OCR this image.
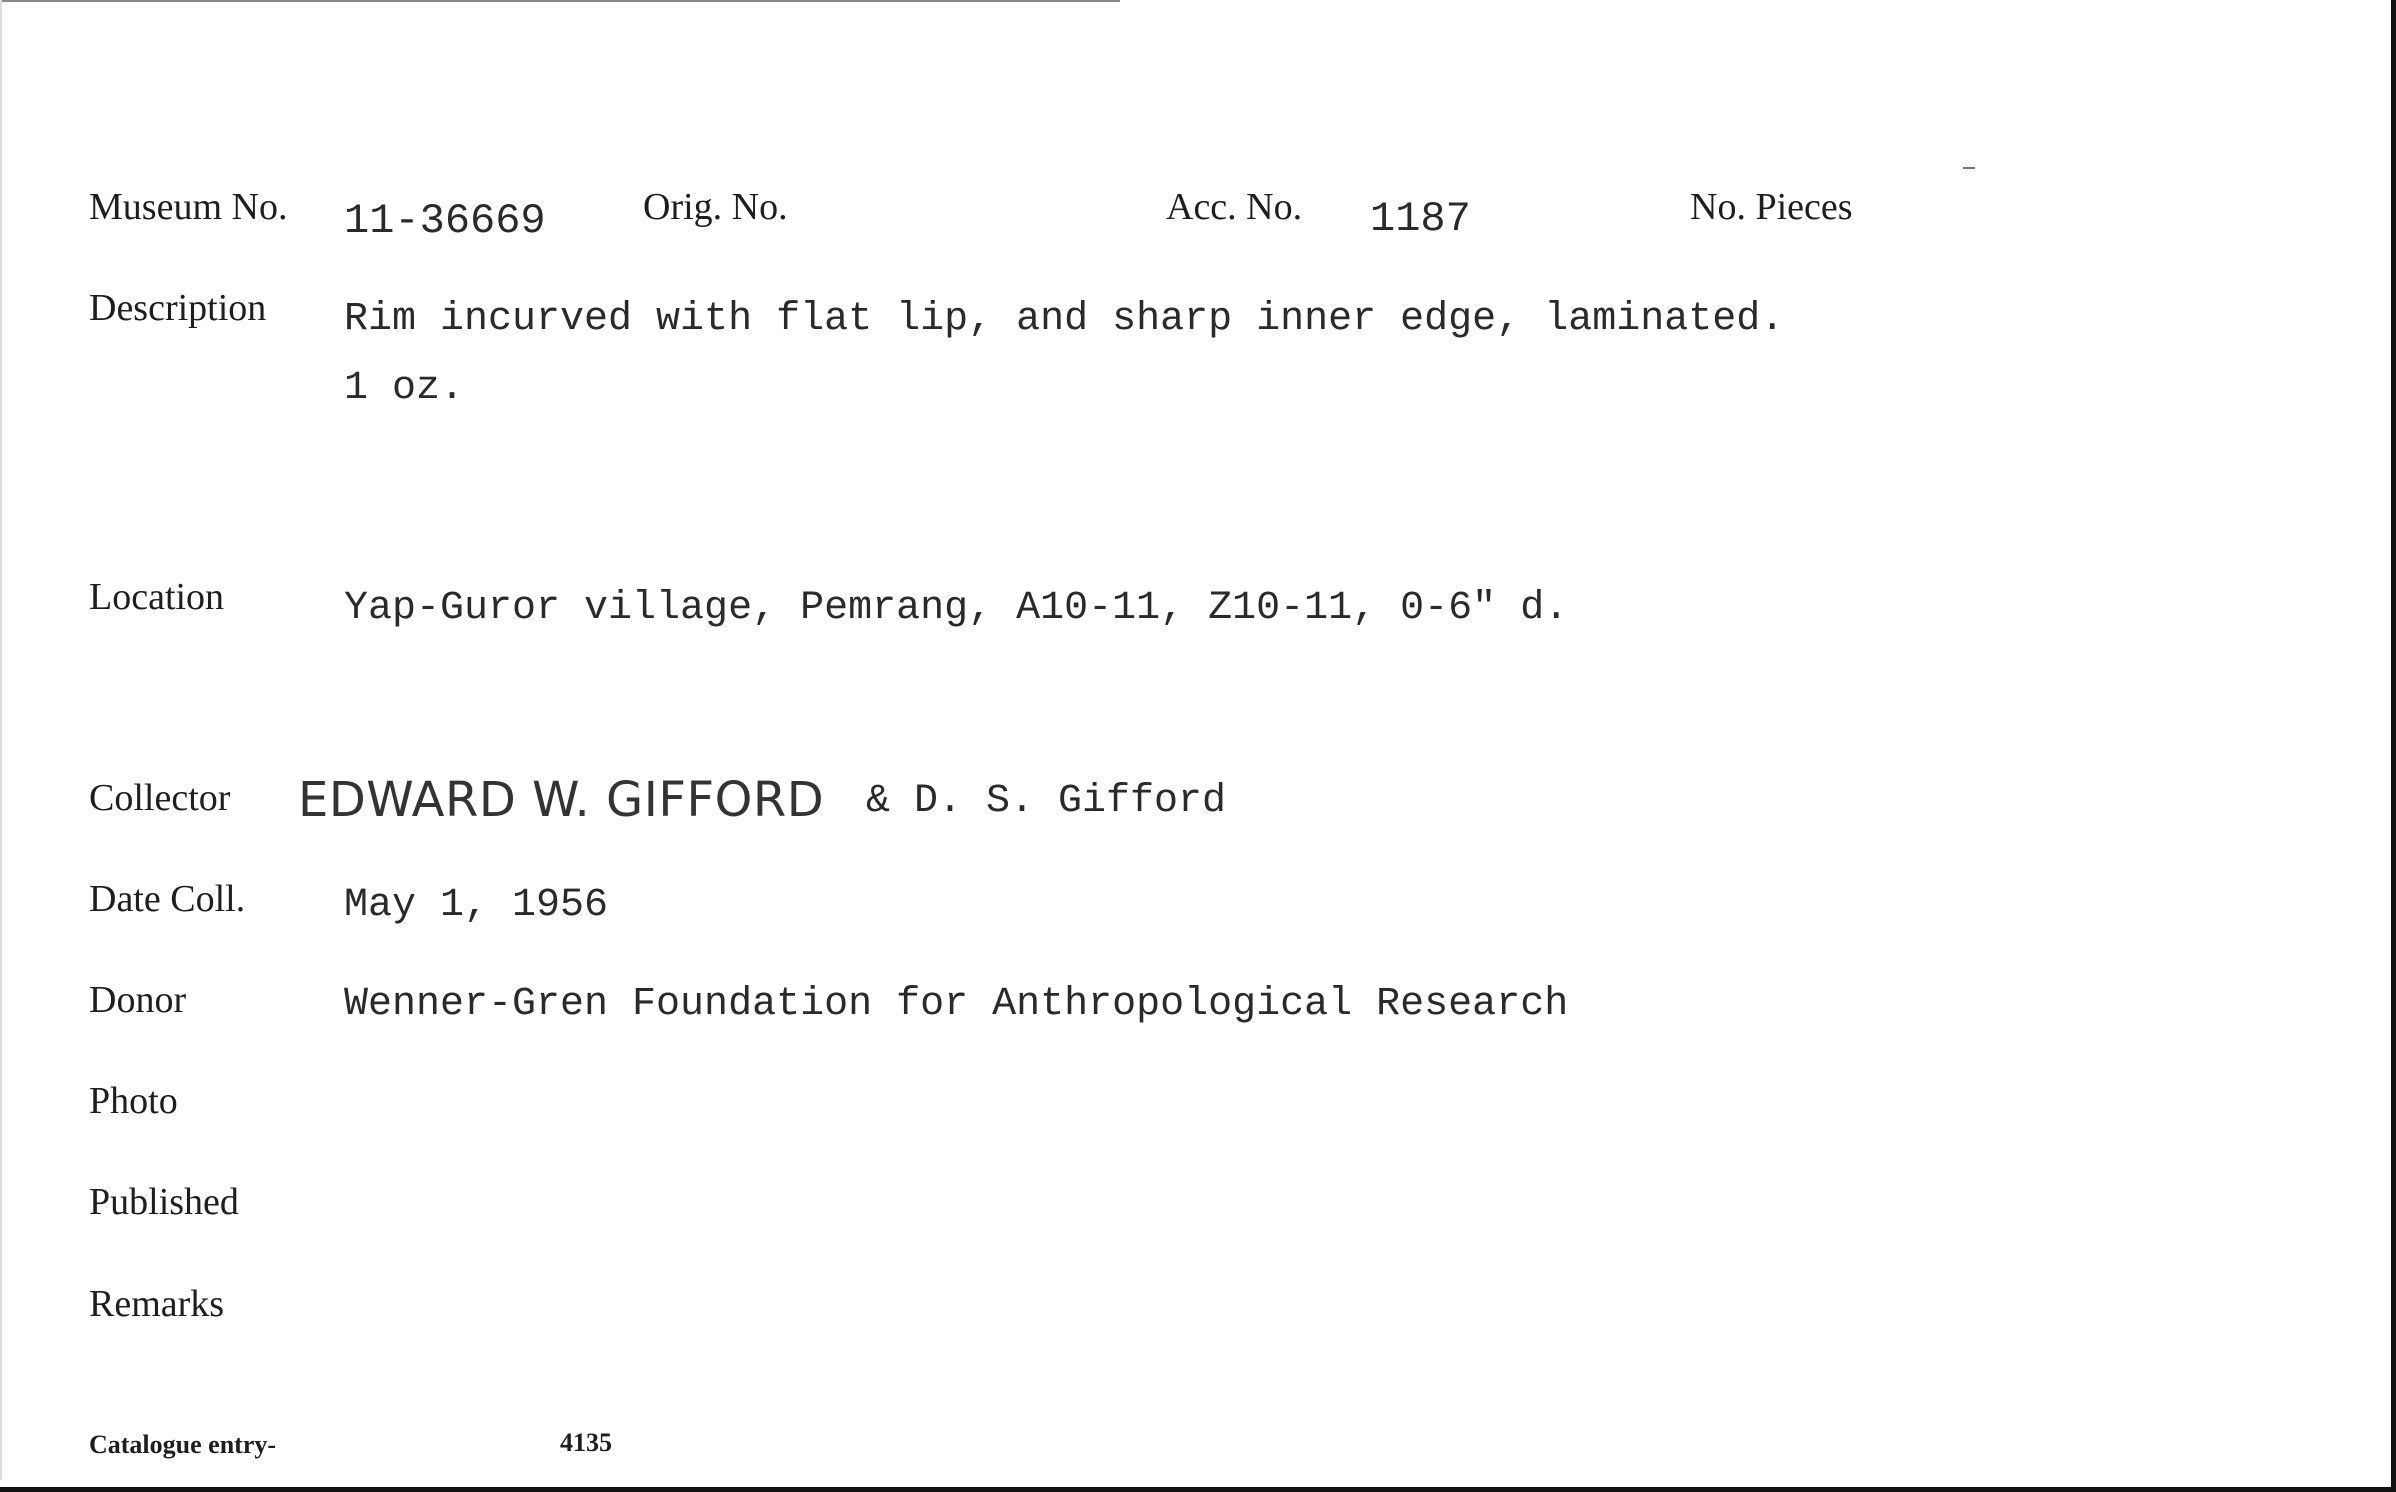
Museum No. 11-36669	Orig. No.	Acc. No. 1187	No. Pieces
Description Rim incurved with flat lip, and sharp inner edge, laminated.
1 oz.
Location	Yap-Guror village, Pemrang, A10-11, Z10-11, 0-6" d.
Collector EDWARD W. GIFFORD & D. S. Gifford
Date Coll. May 1, 1956
Donor	Wenner-Gren Foundation for Anthropological Research
Photo
Published
Remarks
Catalogue entry-	4135
